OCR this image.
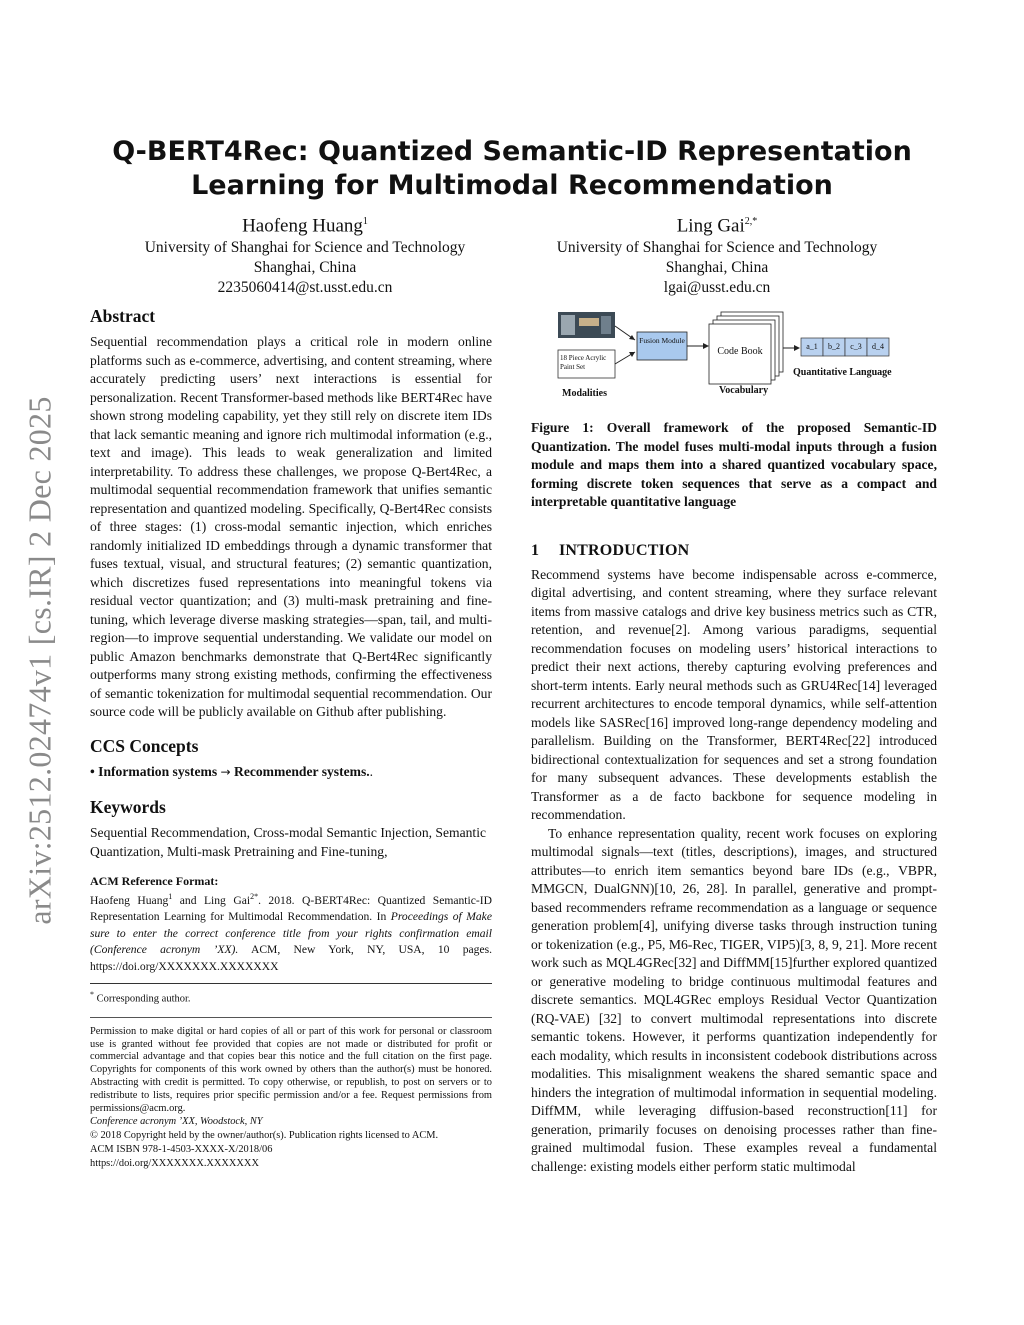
arXiv:2512.02474v1 [cs.IR] 2 Dec 2025
Q-BERT4Rec: Quantized Semantic-ID Representation Learning for Multimodal Recommendation
Haofeng Huang$^1$
University of Shanghai for Science and Technology
Shanghai, China
2235060414@st.usst.edu.cn
Ling Gai$^{2,*}$
University of Shanghai for Science and Technology
Shanghai, China
lgai@usst.edu.cn
Abstract

Sequential recommendation plays a critical role in modern online platforms such as e-commerce, advertising, and content streaming, where accurately predicting users’ next interactions is essential for personalization. Recent Transformer-based methods like BERT4Rec have shown strong modeling capability, yet they still rely on discrete item IDs that lack semantic meaning and ignore rich multimodal information (e.g., text and image). This leads to weak generalization and limited interpretability. To address these challenges, we propose Q-Bert4Rec, a multimodal sequential recommendation framework that unifies semantic representation and quantized modeling. Specifically, Q-Bert4Rec consists of three stages: (1) cross-modal semantic injection, which enriches randomly initialized ID embeddings through a dynamic transformer that fuses textual, visual, and structural features; (2) semantic quantization, which discretizes fused representations into meaningful tokens via residual vector quantization; and (3) multi-mask pretraining and fine-tuning, which leverage diverse masking strategies—span, tail, and multi-region—to improve sequential understanding. We validate our model on public Amazon benchmarks demonstrate that Q-Bert4Rec significantly outperforms many strong existing methods, confirming the effectiveness of semantic tokenization for multimodal sequential recommendation. Our source code will be publicly available on Github after publishing.

CCS Concepts
• Information systems → Recommender systems..
Keywords

Sequential Recommendation, Cross-modal Semantic Injection, Semantic Quantization, Multi-mask Pretraining and Fine-tuning,

ACM Reference Format:

Haofeng Huang$^1$ and Ling Gai$^{2*}$. 2018. Q-BERT4Rec: Quantized Semantic-ID Representation Learning for Multimodal Recommendation. In Proceedings of Make sure to enter the correct conference title from your rights confirmation email (Conference acronym ’XX). ACM, New York, NY, USA, 10 pages. https://doi.org/XXXXXXX.XXXXXXX

* Corresponding author.

Permission to make digital or hard copies of all or part of this work for personal or classroom use is granted without fee provided that copies are not made or distributed for profit or commercial advantage and that copies bear this notice and the full citation on the first page. Copyrights for components of this work owned by others than the author(s) must be honored. Abstracting with credit is permitted. To copy otherwise, or republish, to post on servers or to redistribute to lists, requires prior specific permission and/or a fee. Request permissions from permissions@acm.org.

Conference acronym ’XX, Woodstock, NY
© 2018 Copyright held by the owner/author(s). Publication rights licensed to ACM.
ACM ISBN 978-1-4503-XXXX-X/2018/06
https://doi.org/XXXXXXX.XXXXXXX
18 Piece Acrylic Paint Set
Fusion Module
Code Book	a_1	b_2	c_3	d_4
Modalities	Vocabulary
Quantitative Language

Figure 1: Overall framework of the proposed Semantic-ID Quantization. The model fuses multi-modal inputs through a fusion module and maps them into a shared quantized vocabulary space, forming discrete token sequences that serve as a compact and interpretable quantitative language

1 INTRODUCTION

Recommend systems have become indispensable across e-commerce, digital advertising, and content streaming, where they surface relevant items from massive catalogs and drive key business metrics such as CTR, retention, and revenue[2]. Among various paradigms, sequential recommendation focuses on modeling users’ historical interactions to predict their next actions, thereby capturing evolving preferences and short-term intents. Early neural methods such as GRU4Rec[14] leveraged recurrent architectures to encode temporal dynamics, while self-attention models like SASRec[16] improved long-range dependency modeling and parallelism. Building on the Transformer, BERT4Rec[22] introduced bidirectional contextualization for sequences and set a strong foundation for many subsequent advances. These developments establish the Transformer as a de facto backbone for sequence modeling in recommendation.

To enhance representation quality, recent work focuses on exploring multimodal signals—text (titles, descriptions), images, and structured attributes—to enrich item semantics beyond bare IDs (e.g., VBPR, MMGCN, DualGNN)[10, 26, 28]. In parallel, generative and prompt-based recommenders reframe recommendation as a language or sequence generation problem[4], unifying diverse tasks through instruction tuning or tokenization (e.g., P5, M6-Rec, TIGER, VIP5)[3, 8, 9, 21]. More recent work such as MQL4GRec[32] and DiffMM[15]further explored quantized or generative modeling to bridge continuous multimodal features and discrete semantics. MQL4GRec employs Residual Vector Quantization (RQ-VAE) [32] to convert multimodal representations into discrete semantic tokens. However, it performs quantization independently for each modality, which results in inconsistent codebook distributions across modalities. This misalignment weakens the shared semantic space and hinders the integration of multimodal information in sequential modeling. DiffMM, while leveraging diffusion-based reconstruction[11] for generation, primarily focuses on denoising processes rather than fine-grained multimodal fusion. These examples reveal a fundamental challenge: existing models either perform static multimodal
